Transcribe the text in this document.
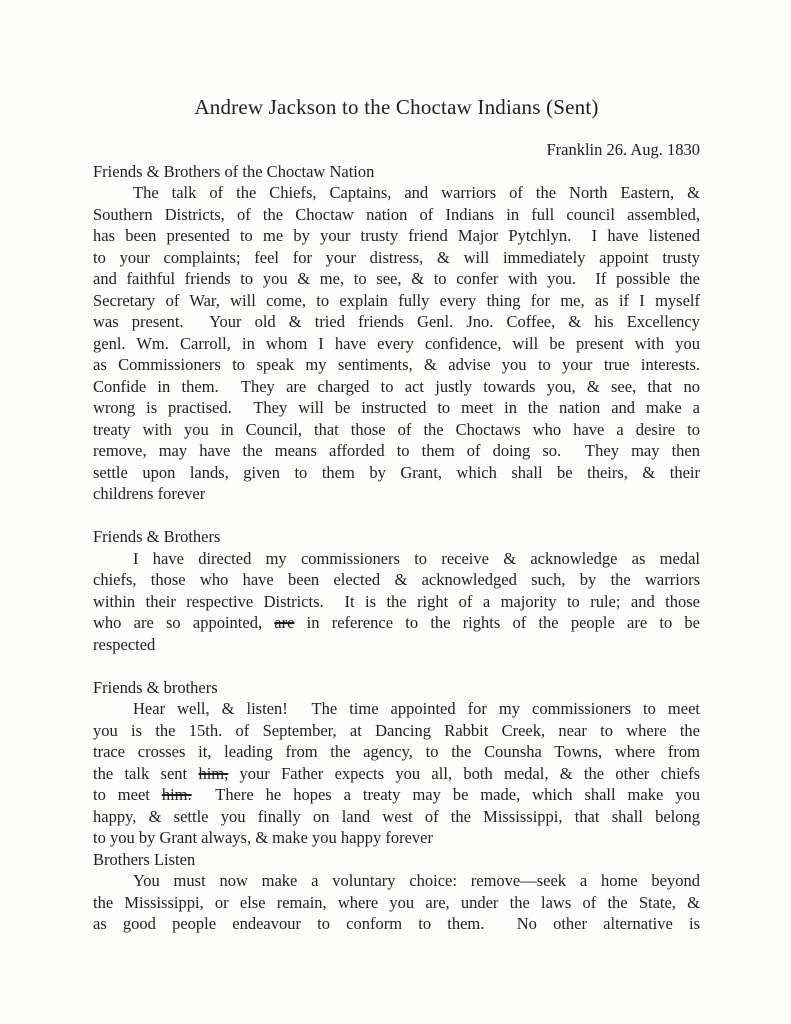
Andrew Jackson to the Choctaw Indians (Sent)
Franklin 26. Aug. 1830
Friends & Brothers of the Choctaw Nation
The talk of the Chiefs, Captains, and warriors of the North Eastern, &
Southern Districts, of the Choctaw nation of Indians in full council assembled,
has been presented to me by your trusty friend Major Pytchlyn.  I have listened
to your complaints; feel for your distress, & will immediately appoint trusty
and faithful friends to you & me, to see, & to confer with you.  If possible the
Secretary of War, will come, to explain fully every thing for me, as if I myself
was present.  Your old & tried friends Genl. Jno. Coffee, & his Excellency
genl. Wm. Carroll, in whom I have every confidence, will be present with you
as Commissioners to speak my sentiments, & advise you to your true interests.
Confide in them.  They are charged to act justly towards you, & see, that no
wrong is practised.  They will be instructed to meet in the nation and make a
treaty with you in Council, that those of the Choctaws who have a desire to
remove, may have the means afforded to them of doing so.  They may then
settle upon lands, given to them by Grant, which shall be theirs, & their
childrens forever
Friends & Brothers
I have directed my commissioners to receive & acknowledge as medal
chiefs, those who have been elected & acknowledged such, by the warriors
within their respective Districts.  It is the right of a majority to rule; and those
who are so appointed, are in reference to the rights of the people are to be
respected
Friends & brothers
Hear well, & listen!  The time appointed for my commissioners to meet
you is the 15th. of September, at Dancing Rabbit Creek, near to where the
trace crosses it, leading from the agency, to the Counsha Towns, where from
the talk sent him, your Father expects you all, both medal, & the other chiefs
to meet him.  There he hopes a treaty may be made, which shall make you
happy, & settle you finally on land west of the Mississippi, that shall belong
to you by Grant always, & make you happy forever
Brothers Listen
You must now make a voluntary choice: remove—seek a home beyond
the Mississippi, or else remain, where you are, under the laws of the State, &
as good people endeavour to conform to them.  No other alternative is
